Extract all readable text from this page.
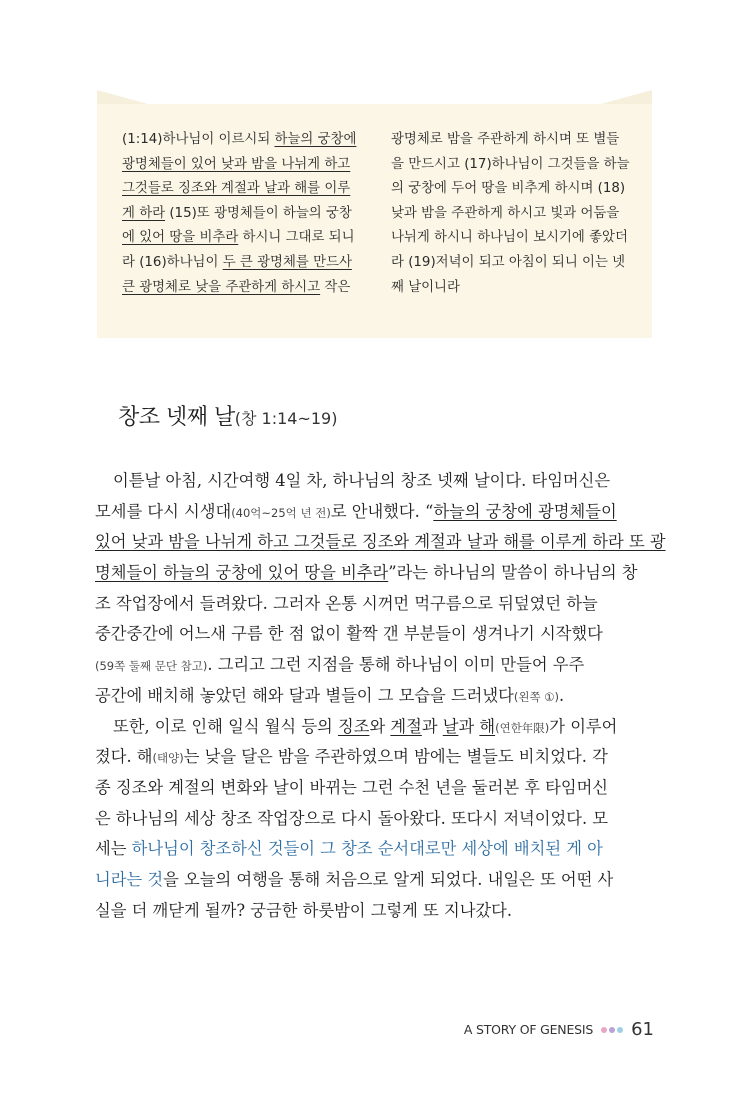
(1:14)하나님이 이르시되 하늘의 궁창에
광명체들이 있어 낮과 밤을 나뉘게 하고
그것들로 징조와 계절과 날과 해를 이루
게 하라 (15)또 광명체들이 하늘의 궁창
에 있어 땅을 비추라 하시니 그대로 되니
라 (16)하나님이 두 큰 광명체를 만드사
큰 광명체로 낮을 주관하게 하시고 작은
광명체로 밤을 주관하게 하시며 또 별들
을 만드시고 (17)하나님이 그것들을 하늘
의 궁창에 두어 땅을 비추게 하시며 (18)
낮과 밤을 주관하게 하시고 빛과 어둠을
나뉘게 하시니 하나님이 보시기에 좋았더
라 (19)저녁이 되고 아침이 되니 이는 넷
째 날이니라
창조 넷째 날(창 1:14~19)
이튿날 아침, 시간여행 4일 차, 하나님의 창조 넷째 날이다. 타임머신은
모세를 다시 시생대(40억~25억 년 전)로 안내했다. “하늘의 궁창에 광명체들이
있어 낮과 밤을 나뉘게 하고 그것들로 징조와 계절과 날과 해를 이루게 하라 또 광
명체들이 하늘의 궁창에 있어 땅을 비추라”라는 하나님의 말씀이 하나님의 창
조 작업장에서 들려왔다. 그러자 온통 시꺼먼 먹구름으로 뒤덮였던 하늘
중간중간에 어느새 구름 한 점 없이 활짝 갠 부분들이 생겨나기 시작했다
(59쪽 둘째 문단 참고). 그리고 그런 지점을 통해 하나님이 이미 만들어 우주
공간에 배치해 놓았던 해와 달과 별들이 그 모습을 드러냈다(왼쪽 ①).
또한, 이로 인해 일식 월식 등의 징조와 계절과 날과 해(연한年限)가 이루어
졌다. 해(태양)는 낮을 달은 밤을 주관하였으며 밤에는 별들도 비치었다. 각
종 징조와 계절의 변화와 날이 바뀌는 그런 수천 년을 둘러본 후 타임머신
은 하나님의 세상 창조 작업장으로 다시 돌아왔다. 또다시 저녁이었다. 모
세는 하나님이 창조하신 것들이 그 창조 순서대로만 세상에 배치된 게 아
니라는 것을 오늘의 여행을 통해 처음으로 알게 되었다. 내일은 또 어떤 사
실을 더 깨닫게 될까? 궁금한 하룻밤이 그렇게 또 지나갔다.
A STORY OF GENESIS 61
